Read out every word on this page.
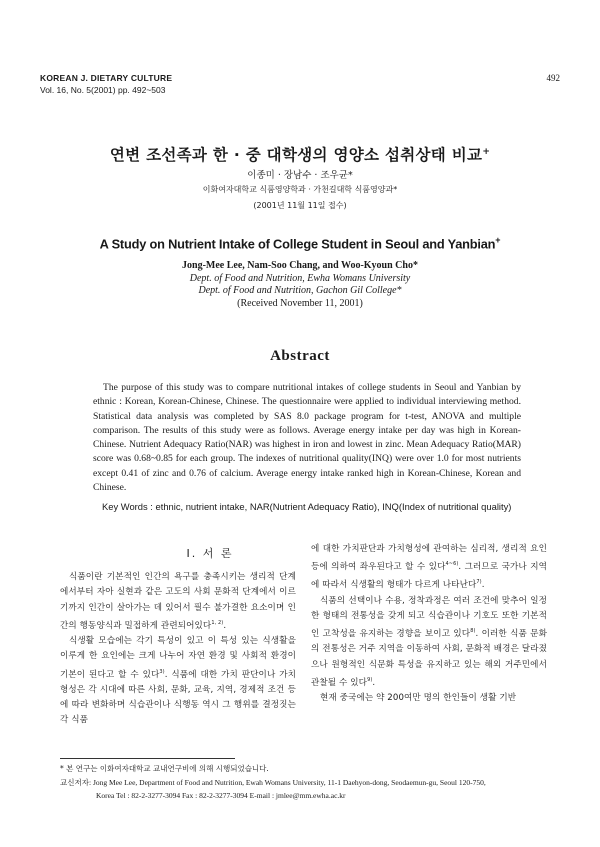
KOREAN J. DIETARY CULTURE
Vol. 16, No. 5(2001) pp. 492~503
492
연변 조선족과 한 · 중 대학생의 영양소 섭취상태 비교+
이종미 · 장남수 · 조우균*
이화여자대학교 식품영양학과 · 가천길대학 식품영양과*
(2001년 11월 11일 접수)
A Study on Nutrient Intake of College Student in Seoul and Yanbian+
Jong-Mee Lee, Nam-Soo Chang, and Woo-Kyoun Cho*
Dept. of Food and Nutrition, Ewha Womans University
Dept. of Food and Nutrition, Gachon Gil College*
(Received November 11, 2001)
Abstract
The purpose of this study was to compare nutritional intakes of college students in Seoul and Yanbian by ethnic : Korean, Korean-Chinese, Chinese. The questionnaire were applied to individual interviewing method. Statistical data analysis was completed by SAS 8.0 package program for t-test, ANOVA and multiple comparison. The results of this study were as follows. Average energy intake per day was high in Korean-Chinese. Nutrient Adequacy Ratio(NAR) was highest in iron and lowest in zinc. Mean Adequacy Ratio(MAR) score was 0.68~0.85 for each group. The indexes of nutritional quality(INQ) were over 1.0 for most nutrients except 0.41 of zinc and 0.76 of calcium. Average energy intake ranked high in Korean-Chinese, Korean and Chinese.
Key Words : ethnic, nutrient intake, NAR(Nutrient Adequacy Ratio), INQ(Index of nutritional quality)
I. 서 론

식품이란 기본적인 인간의 욕구를 충족시키는 생리적 단계에서부터 자아 실현과 같은 고도의 사회 문화적 단계에서 이르기까지 인간이 살아가는 데 있어서 필수 불가결한 요소이며 인간의 행동양식과 밀접하게 관련되어있다$^{1, 2)}$.

식생활 모습에는 각기 특성이 있고 이 특성 있는 식생활을 이루게 한 요인에는 크게 나누어 자연 환경 및 사회적 환경이 기본이 된다고 할 수 있다$^{3)}$. 식품에 대한 가치 판단이나 가치 형성은 각 시대에 따른 사회, 문화, 교육, 지역, 경제적 조건 등에 따라 변화하며 식습관이나 식행동 역시 그 행위를 결정짓는 각 식품

에 대한 가치판단과 가치형성에 관여하는 심리적, 생리적 요인 등에 의하여 좌우된다고 할 수 있다$^{4\sim 6)}$. 그러므로 국가나 지역에 따라서 식생활의 형태가 다르게 나타난다$^{7)}$.

식품의 선택이나 수용, 정착과정은 여러 조건에 맞추어 일정한 형태의 전통성을 갖게 되고 식습관이나 기호도 또한 기본적인 고착성을 유지하는 경향을 보이고 있다$^{8)}$. 이러한 식품 문화의 전통성은 거주 지역을 이동하여 사회, 문화적 배경은 달라졌으나 원형적인 식문화 특성을 유지하고 있는 해외 거주민에서 관찰될 수 있다$^{9)}$.

현재 중국에는 약 200여만 명의 한인들이 생활 기반

* 본 연구는 이화여자대학교 교내연구비에 의해 시행되었습니다.
교신저자: Jong Mee Lee, Department of Food and Nutrition, Ewah Womans University, 11-1 Daehyon-dong, Seodaemun-gu, Seoul 120-750,
Korea Tel : 82-2-3277-3094 Fax : 82-2-3277-3094 E-mail : jmlee@mm.ewha.ac.kr
